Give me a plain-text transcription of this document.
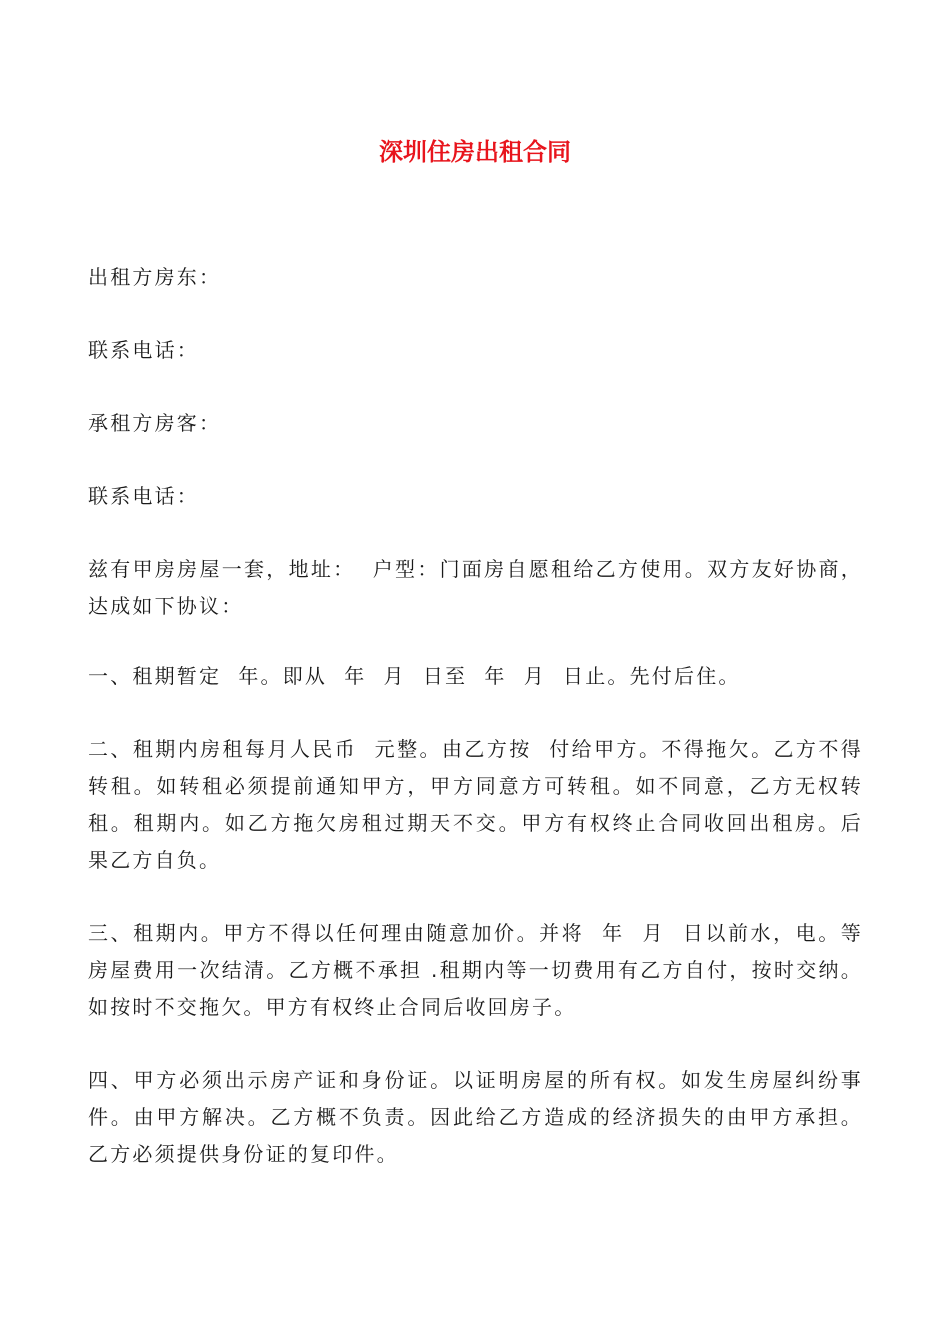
深圳住房出租合同

出租方房东：

联系电话：

承租方房客：

联系电话：

兹有甲房房屋一套，地址：  户型：门面房自愿租给乙方使用。双方友好协商，达成如下协议：

一、租期暂定  年。即从  年  月  日至  年  月  日止。先付后住。

二、租期内房租每月人民币  元整。由乙方按  付给甲方。不得拖欠。乙方不得转租。如转租必须提前通知甲方，甲方同意方可转租。如不同意，乙方无权转租。租期内。如乙方拖欠房租过期天不交。甲方有权终止合同收回出租房。后果乙方自负。

三、租期内。甲方不得以任何理由随意加价。并将  年  月  日以前水，电。等房屋费用一次结清。乙方概不承担 .租期内等一切费用有乙方自付，按时交纳。如按时不交拖欠。甲方有权终止合同后收回房子。

四、甲方必须出示房产证和身份证。以证明房屋的所有权。如发生房屋纠纷事件。由甲方解决。乙方概不负责。因此给乙方造成的经济损失的由甲方承担。乙方必须提供身份证的复印件。
